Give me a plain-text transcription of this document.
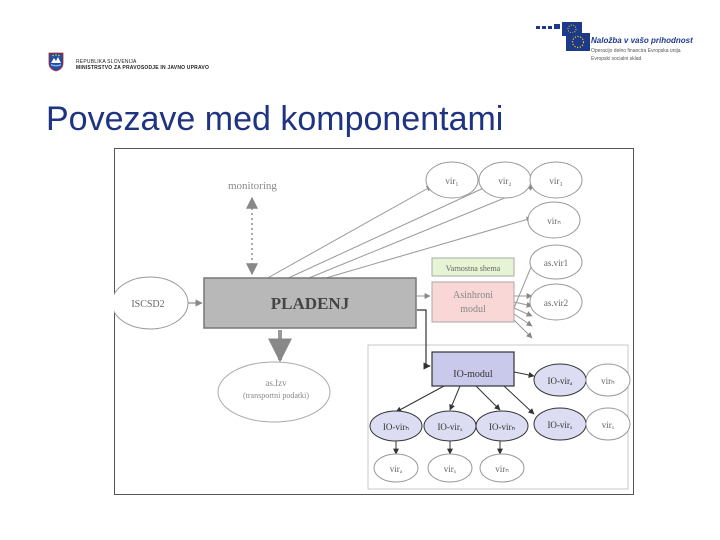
REPUBLIKA SLOVENIJA
MINISTRSTVO ZA PRAVOSODJE IN JAVNO UPRAVO
Naložba v vašo prihodnost
Operacijo delno financira Evropska unija
Evropski socialni sklad
Povezave med komponentami
monitoring	vir₁	vir₂	vir₃
virₙ
as.vir1
as.vir2
ISCSD2	PLADENJ
Varnostna shema
Asinhroni
modul
IO-modul
as.Izv
(transportni podatki)
IO-virₐ
IO-virₓ
virₕ
virₓ
IO-virₕ	IO-virₓ	IO-virₙ
virₐ	virₓ	virₙ
